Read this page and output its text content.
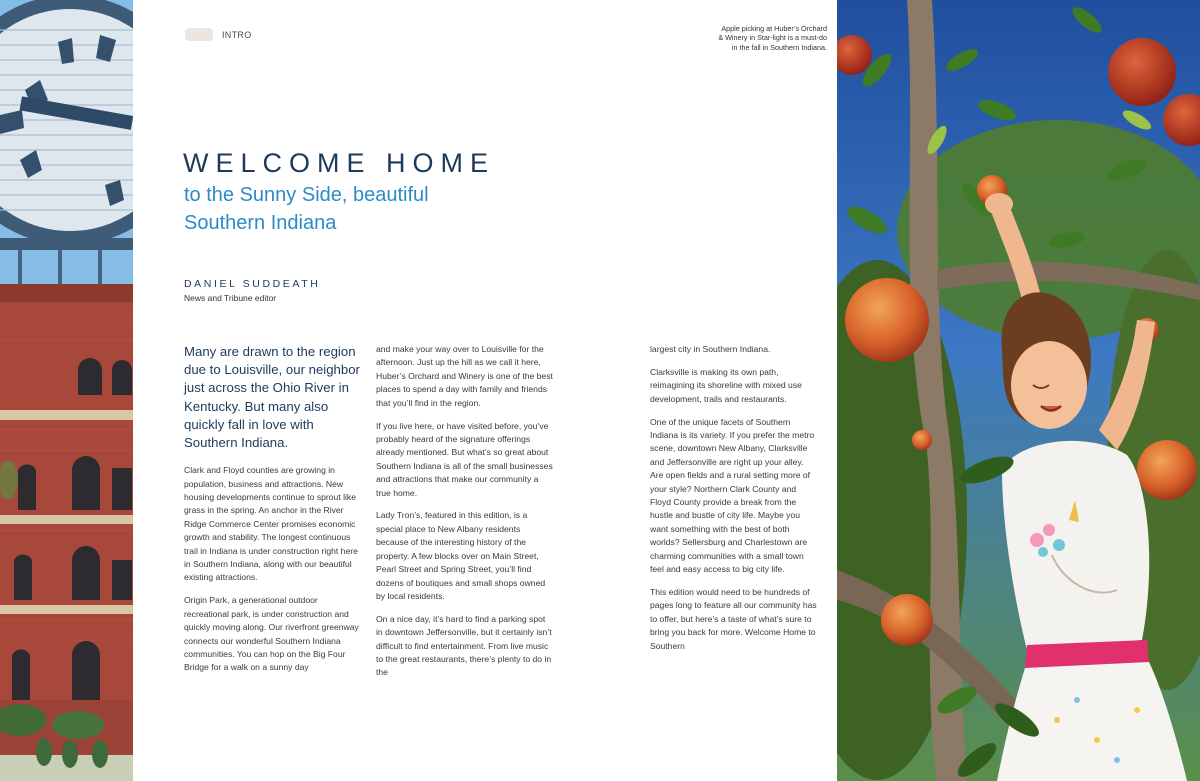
INTRO
Apple picking at Huber’s Orchard & Winery in Star-light is a must-do in the fall in Southern Indiana.
WELCOME HOME
to the Sunny Side, beautiful Southern Indiana
DANIEL SUDDEATH
News and Tribune editor

Many are drawn to the region due to Louisville, our neighbor just across the Ohio River in Kentucky. But many also quickly fall in love with Southern Indiana.

Clark and Floyd counties are growing in population, business and attractions. New housing developments continue to sprout like grass in the spring. An anchor in the River Ridge Commerce Center promises economic growth and stability. The longest continuous trail in Indiana is under construction right here in Southern Indiana, along with our beautiful existing attractions.

Origin Park, a generational outdoor recreational park, is under construction and quickly moving along. Our riverfront greenway connects our wonderful Southern Indiana communities. You can hop on the Big Four Bridge for a walk on a sunny day

and make your way over to Louisville for the afternoon. Just up the hill as we call it here, Huber’s Orchard and Winery is one of the best places to spend a day with family and friends that you’ll find in the region.

If you live here, or have visited before, you’ve probably heard of the signature offerings already mentioned. But what’s so great about Southern Indiana is all of the small businesses and attractions that make our community a true home.

Lady Tron’s, featured in this edition, is a special place to New Albany residents because of the interesting history of the property. A few blocks over on Main Street, Pearl Street and Spring Street, you’ll find dozens of boutiques and small shops owned by local residents.

On a nice day, it’s hard to find a parking spot in downtown Jeffersonville, but it certainly isn’t difficult to find entertainment. From live music to the great restaurants, there’s plenty to do in the

largest city in Southern Indiana.

Clarksville is making its own path, reimagining its shoreline with mixed use development, trails and restaurants.

One of the unique facets of Southern Indiana is its variety. If you prefer the metro scene, downtown New Albany, Clarksville and Jeffersonville are right up your alley. Are open fields and a rural setting more of your style? Northern Clark County and Floyd County provide a break from the hustle and bustle of city life. Maybe you want something with the best of both worlds? Sellersburg and Charlestown are charming communities with a small town feel and easy access to big city life.

This edition would need to be hundreds of pages long to feature all our community has to offer, but here’s a taste of what’s sure to bring you back for more. Welcome Home to Southern
